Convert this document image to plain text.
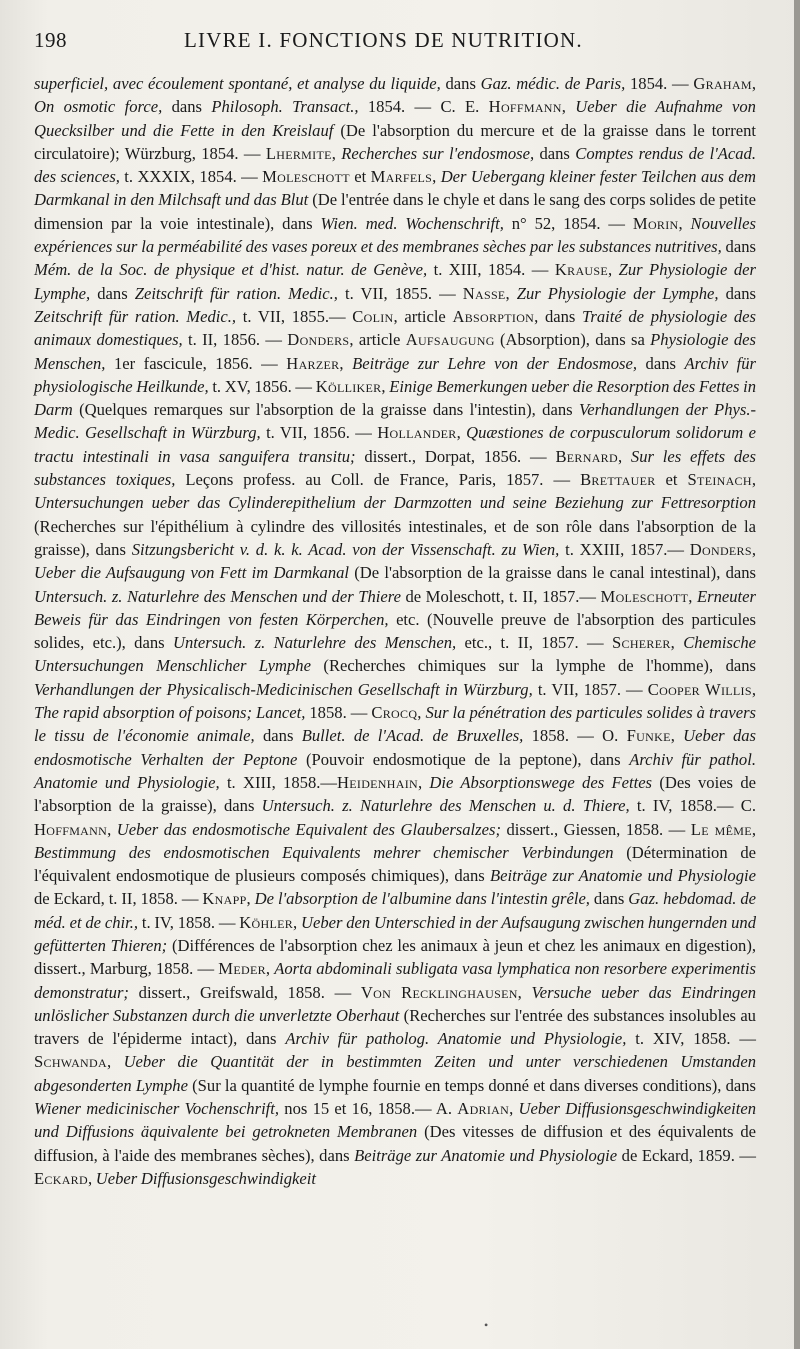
198	LIVRE I. FONCTIONS DE NUTRITION.
superficiel, avec écoulement spontané, et analyse du liquide, dans Gaz. médic. de Paris, 1854. — Graham, On osmotic force, dans Philosoph. Transact., 1854. — C. E. Hoffmann, Ueber die Aufnahme von Quecksilber und die Fette in den Kreislauf (De l'absorption du mercure et de la graisse dans le torrent circulatoire); Würzburg, 1854. — Lhermite, Recherches sur l'endosmose, dans Comptes rendus de l'Acad. des sciences, t. XXXIX, 1854. — Moleschott et Marfels, Der Uebergang kleiner fester Teilchen aus dem Darmkanal in den Milchsaft und das Blut (De l'entrée dans le chyle et dans le sang des corps solides de petite dimension par la voie intestinale), dans Wien. med. Wochenschrift, n° 52, 1854. — Morin, Nouvelles expériences sur la perméabilité des vases poreux et des membranes sèches par les substances nutritives, dans Mém. de la Soc. de physique et d'hist. natur. de Genève, t. XIII, 1854. — Krause, Zur Physiologie der Lymphe, dans Zeitschrift für ration. Medic., t. VII, 1855. — Nasse, Zur Physiologie der Lymphe, dans Zeitschrift für ration. Medic., t. VII, 1855.— Colin, article Absorption, dans Traité de physiologie des animaux domestiques, t. II, 1856. — Donders, article Aufsaugung (Absorption), dans sa Physiologie des Menschen, 1er fascicule, 1856. — Harzer, Beiträge zur Lehre von der Endosmose, dans Archiv für physiologische Heilkunde, t. XV, 1856. — Kölliker, Einige Bemerkungen ueber die Resorption des Fettes in Darm (Quelques remarques sur l'absorption de la graisse dans l'intestin), dans Verhandlungen der Phys.-Medic. Gesellschaft in Würzburg, t. VII, 1856. — Hollander, Quæstiones de corpusculorum solidorum e tractu intestinali in vasa sanguifera transitu; dissert., Dorpat, 1856. — Bernard, Sur les effets des substances toxiques, Leçons profess. au Coll. de France, Paris, 1857. — Brettauer et Steinach, Untersuchungen ueber das Cylinderepithelium der Darmzotten und seine Beziehung zur Fettresorption (Recherches sur l'épithélium à cylindre des villosités intestinales, et de son rôle dans l'absorption de la graisse), dans Sitzungsbericht v. d. k. k. Acad. von der Vissenschaft. zu Wien, t. XXIII, 1857.— Donders, Ueber die Aufsaugung von Fett im Darmkanal (De l'absorption de la graisse dans le canal intestinal), dans Untersuch. z. Naturlehre des Menschen und der Thiere de Moleschott, t. II, 1857.— Moleschott, Erneuter Beweis für das Eindringen von festen Körperchen, etc. (Nouvelle preuve de l'absorption des particules solides, etc.), dans Untersuch. z. Naturlehre des Menschen, etc., t. II, 1857. — Scherer, Chemische Untersuchungen Menschlicher Lymphe (Recherches chimiques sur la lymphe de l'homme), dans Verhandlungen der Physicalisch-Medicinischen Gesellschaft in Würzburg, t. VII, 1857. — Cooper Willis, The rapid absorption of poisons; Lancet, 1858. — Crocq, Sur la pénétration des particules solides à travers le tissu de l'économie animale, dans Bullet. de l'Acad. de Bruxelles, 1858. — O. Funke, Ueber das endosmotische Verhalten der Peptone (Pouvoir endosmotique de la peptone), dans Archiv für pathol. Anatomie und Physiologie, t. XIII, 1858.—Heidenhain, Die Absorptionswege des Fettes (Des voies de l'absorption de la graisse), dans Untersuch. z. Naturlehre des Menschen u. d. Thiere, t. IV, 1858.— C. Hoffmann, Ueber das endosmotische Equivalent des Glaubersalzes; dissert., Giessen, 1858. — Le même, Bestimmung des endosmotischen Equivalents mehrer chemischer Verbindungen (Détermination de l'équivalent endosmotique de plusieurs composés chimiques), dans Beiträge zur Anatomie und Physiologie de Eckard, t. II, 1858. — Knapp, De l'absorption de l'albumine dans l'intestin grêle, dans Gaz. hebdomad. de méd. et de chir., t. IV, 1858. — Köhler, Ueber den Unterschied in der Aufsaugung zwischen hungernden und gefütterten Thieren; (Différences de l'absorption chez les animaux à jeun et chez les animaux en digestion), dissert., Marburg, 1858. — Meder, Aorta abdominali subligata vasa lymphatica non resorbere experimentis demonstratur; dissert., Greifswald, 1858. — Von Recklinghausen, Versuche ueber das Eindringen unlöslicher Substanzen durch die unverletzte Oberhaut (Recherches sur l'entrée des substances insolubles au travers de l'épiderme intact), dans Archiv für patholog. Anatomie und Physiologie, t. XIV, 1858. — Schwanda, Ueber die Quantität der in bestimmten Zeiten und unter verschiedenen Umstanden abgesonderten Lymphe (Sur la quantité de lymphe fournie en temps donné et dans diverses conditions), dans Wiener medicinischer Vochenschrift, nos 15 et 16, 1858.— A. Adrian, Ueber Diffusionsgeschwindigkeiten und Diffusions äquivalente bei getrokneten Membranen (Des vitesses de diffusion et des équivalents de diffusion, à l'aide des membranes sèches), dans Beiträge zur Anatomie und Physiologie de Eckard, 1859. — Eckard, Ueber Diffusionsgeschwindigkeit
•
